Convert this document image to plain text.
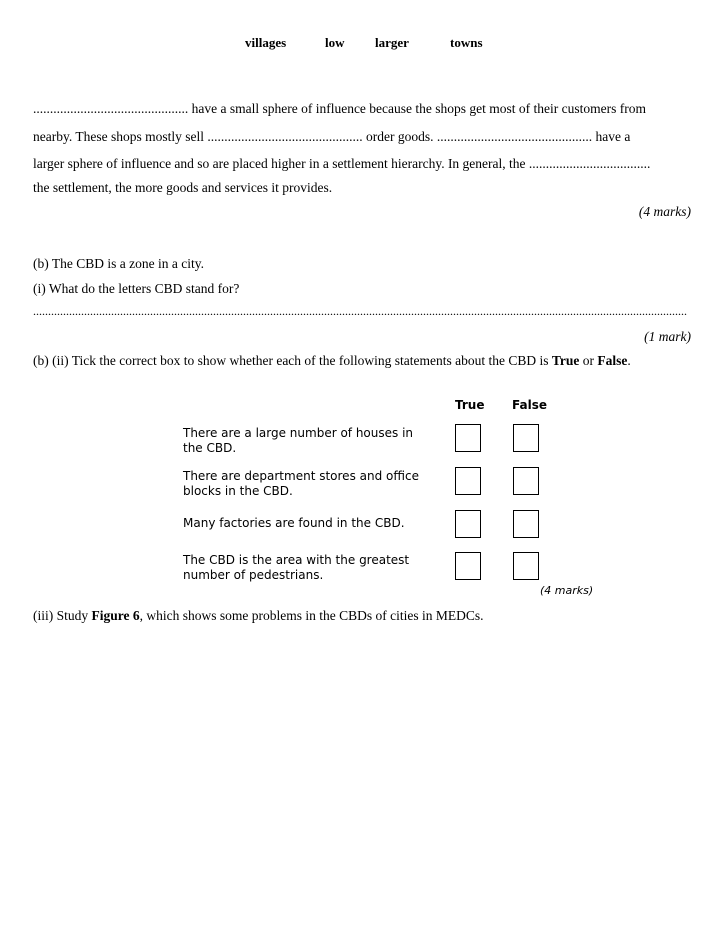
villages	low larger	towns
.............................................. have a small sphere of influence because the shops get most of their customers from
nearby. These shops mostly sell .............................................. order goods. .............................................. have a
larger sphere of influence and so are placed higher in a settlement hierarchy. In general, the ....................................
the settlement, the more goods and services it provides.
(4 marks)
(b) The CBD is a zone in a city.
(i) What do the letters CBD stand for?
..........................................................................................................................................................................................................................
(1 mark)
(b) (ii) Tick the correct box to show whether each of the following statements about the CBD is True or False.
True False
There are a large number of houses in the CBD.
There are department stores and office blocks in the CBD.
Many factories are found in the CBD.
The CBD is the area with the greatest number of pedestrians.
(4 marks)
(iii) Study Figure 6, which shows some problems in the CBDs of cities in MEDCs.
